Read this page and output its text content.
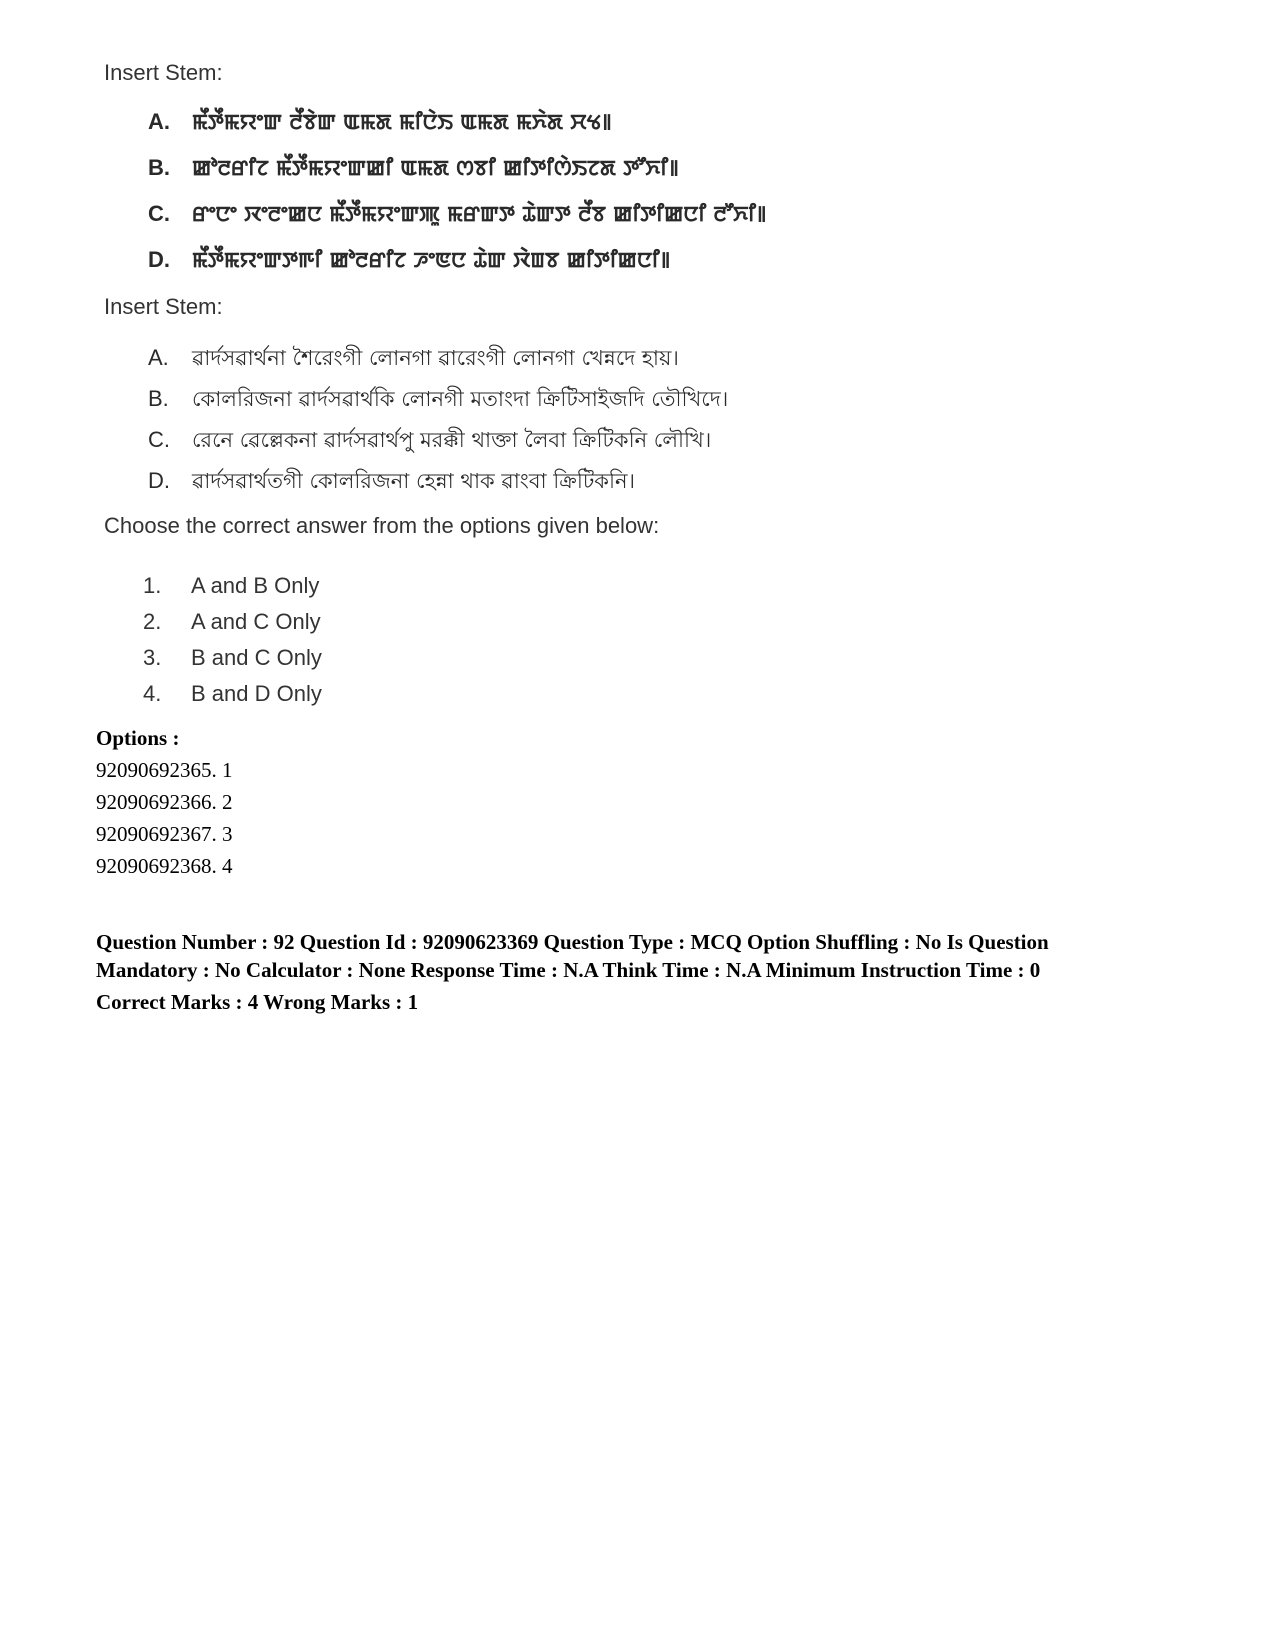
Insert Stem:
A.	ꯃꯩꯇꯩꯃꯌꯦꯛ ꯂꯩꯕꯥꯛ ꯑꯃꯗ ꯃꯤꯅꯥꯏ ꯑꯃꯗ ꯃꯈꯥꯗ ꯆꯠ꯫
B.	ꯀꯣꯂꯔꯤꯖ ꯃꯩꯇꯩꯃꯌꯦꯛꯀꯤ ꯑꯃꯗ ꯁꯕꯤ ꯀꯤꯇꯤꯁꯥꯏꯖꯗ ꯇꯧꯈꯤ꯫
C.	ꯔꯦꯅꯦ ꯋꯦꯂꯦꯀꯅ ꯃꯩꯇꯩꯃꯌꯦꯛꯄꯨ ꯃꯔꯛꯇ ꯊꯥꯛꯇ ꯂꯩꯕ ꯀꯤꯇꯤꯀꯅꯤ ꯂꯧꯈꯤ꯫
D.	ꯃꯩꯇꯩꯃꯌꯦꯛꯇꯒꯤ ꯀꯣꯂꯔꯤꯖ ꯍꯦꯟꯅ ꯊꯥꯛ ꯋꯥꯡꯕ ꯀꯤꯇꯤꯀꯅꯤ꯫
Insert Stem:
A.	ৱার্দসৱার্থনা শৈরেংগী লোনগা ৱারেংগী লোনগা খেন্নদে হায়।
B.	কোলরিজনা ৱার্দসৱার্থকি লোনগী মতাংদা ক্রিটিসাইজদি তৌখিদে।
C.	রেনে ৱেল্লেকনা ৱার্দসৱার্থপু মরক্কী থাক্তা লৈবা ক্রিটিকনি লৌখি।
D.	ৱার্দসৱার্থতগী কোলরিজনা হেন্না থাক ৱাংবা ক্রিটিকনি।
Choose the correct answer from the options given below:
1.	A and B Only
2.	A and C Only
3.	B and C Only
4.	B and D Only
Options :
92090692365. 1
92090692366. 2
92090692367. 3
92090692368. 4
Question Number : 92 Question Id : 92090623369 Question Type : MCQ Option Shuffling : No Is Question
Mandatory : No Calculator : None Response Time : N.A Think Time : N.A Minimum Instruction Time : 0
Correct Marks : 4 Wrong Marks : 1
